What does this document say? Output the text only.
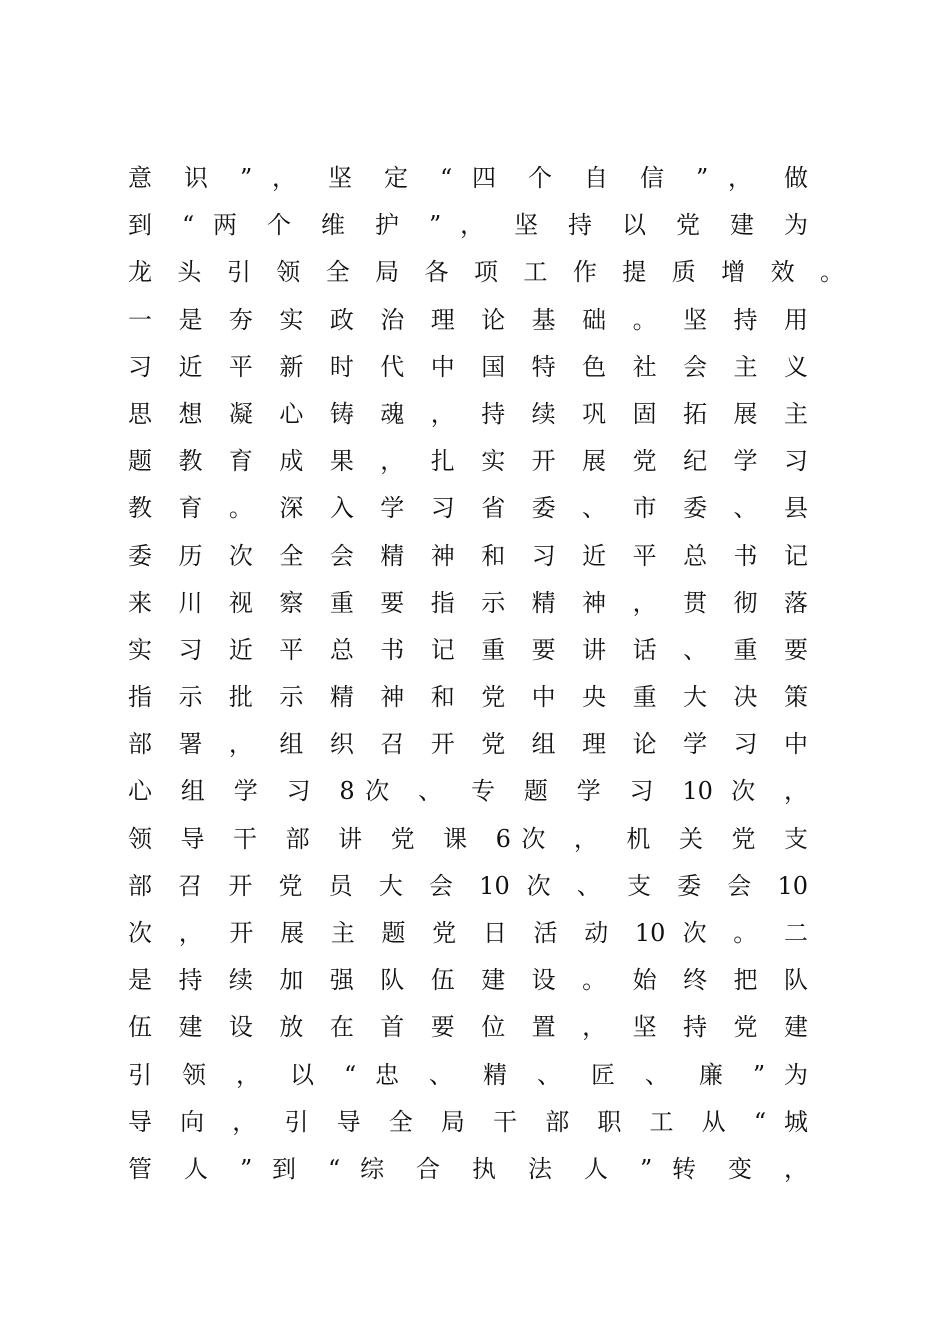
意 识 ” ， 坚 定 “ 四 个 自 信 ” ， 做
到 “ 两 个 维 护 ” ， 坚 持 以 党 建 为
龙 头 引 领 全 局 各 项 工 作 提 质 增 效 。
一 是 夯 实 政 治 理 论 基 础 。 坚 持 用
习 近 平 新 时 代 中 国 特 色 社 会 主 义
思 想 凝 心 铸 魂 ， 持 续 巩 固 拓 展 主
题 教 育 成 果 ， 扎 实 开 展 党 纪 学 习
教 育 。 深 入 学 习 省 委 、 市 委 、 县
委 历 次 全 会 精 神 和 习 近 平 总 书 记
来 川 视 察 重 要 指 示 精 神 ， 贯 彻 落
实 习 近 平 总 书 记 重 要 讲 话 、 重 要
指 示 批 示 精 神 和 党 中 央 重 大 决 策
部 署 ， 组 织 召 开 党 组 理 论 学 习 中
心 组 学 习 8次 、 专 题 学 习 10 次 ，
领 导 干 部 讲 党 课 6次 ， 机 关 党 支
部 召 开 党 员 大 会 10 次 、 支 委 会 10
次 ， 开 展 主 题 党 日 活 动 10 次 。 二
是 持 续 加 强 队 伍 建 设 。 始 终 把 队
伍 建 设 放 在 首 要 位 置 ， 坚 持 党 建
引 领 ， 以 “ 忠 、 精 、 匠 、 廉 ” 为
导 向 ， 引 导 全 局 干 部 职 工 从 “ 城
管 人 ” 到 “ 综 合 执 法 人 ” 转 变 ，
